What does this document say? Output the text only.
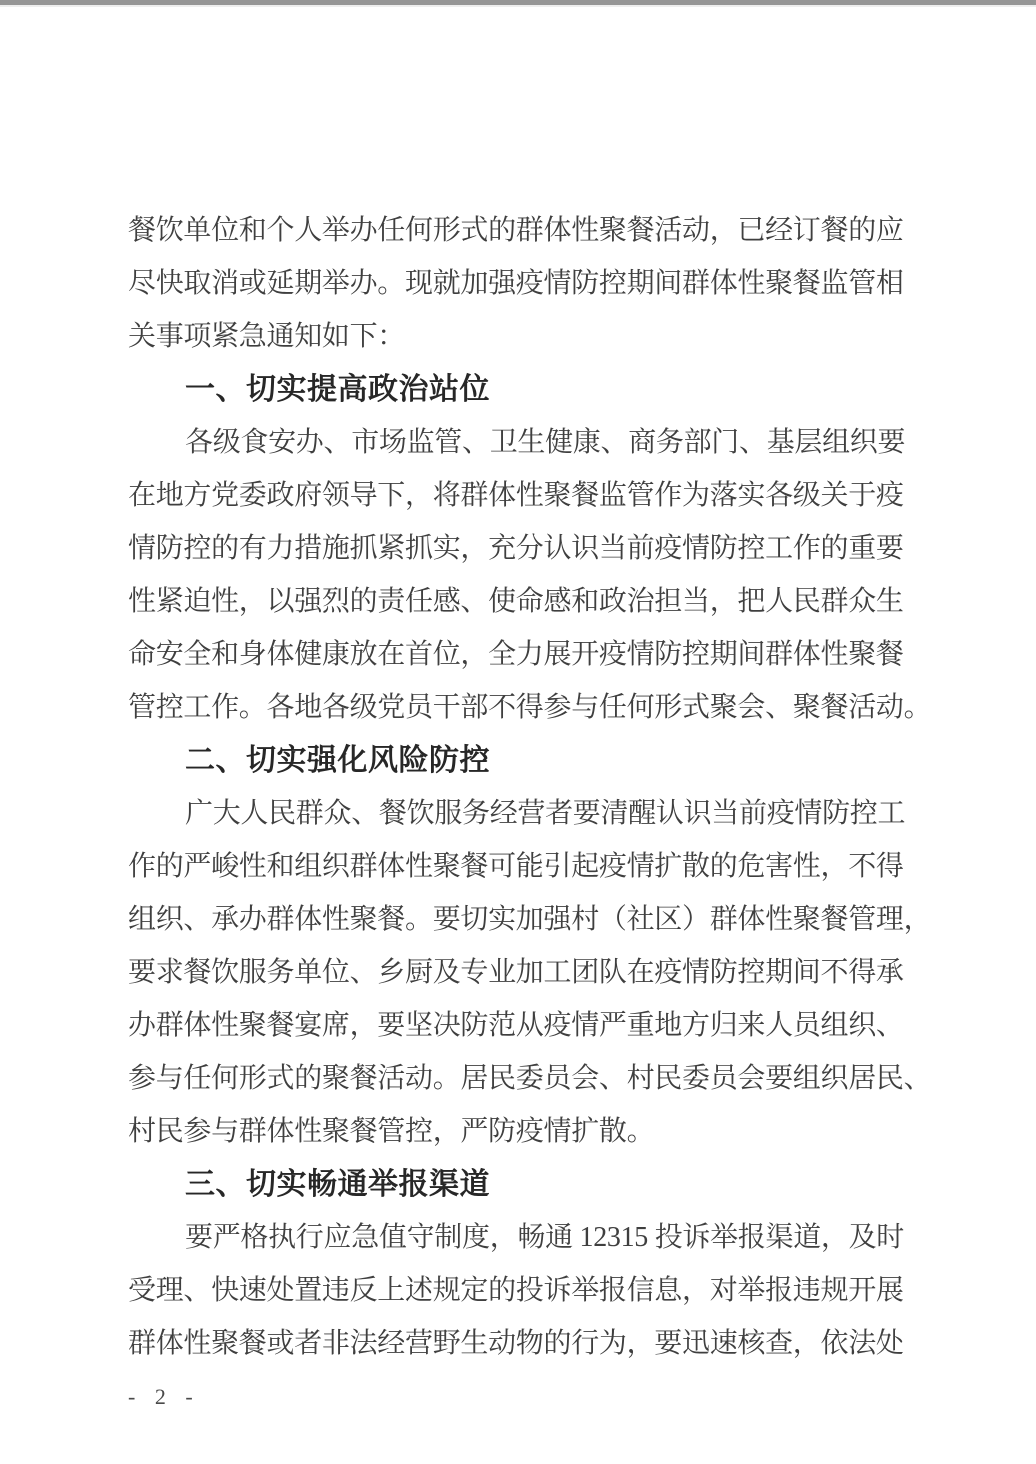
餐饮单位和个人举办任何形式的群体性聚餐活动，已经订餐的应
尽快取消或延期举办。现就加强疫情防控期间群体性聚餐监管相
关事项紧急通知如下：
一、切实提高政治站位
各级食安办、市场监管、卫生健康、商务部门、基层组织要
在地方党委政府领导下，将群体性聚餐监管作为落实各级关于疫
情防控的有力措施抓紧抓实，充分认识当前疫情防控工作的重要
性紧迫性，以强烈的责任感、使命感和政治担当，把人民群众生
命安全和身体健康放在首位，全力展开疫情防控期间群体性聚餐
管控工作。各地各级党员干部不得参与任何形式聚会、聚餐活动。
二、切实强化风险防控
广大人民群众、餐饮服务经营者要清醒认识当前疫情防控工
作的严峻性和组织群体性聚餐可能引起疫情扩散的危害性，不得
组织、承办群体性聚餐。要切实加强村（社区）群体性聚餐管理，
要求餐饮服务单位、乡厨及专业加工团队在疫情防控期间不得承
办群体性聚餐宴席，要坚决防范从疫情严重地方归来人员组织、
参与任何形式的聚餐活动。居民委员会、村民委员会要组织居民、
村民参与群体性聚餐管控，严防疫情扩散。
三、切实畅通举报渠道
要严格执行应急值守制度，畅通 12315 投诉举报渠道，及时
受理、快速处置违反上述规定的投诉举报信息，对举报违规开展
群体性聚餐或者非法经营野生动物的行为，要迅速核查，依法处
- 2 -
